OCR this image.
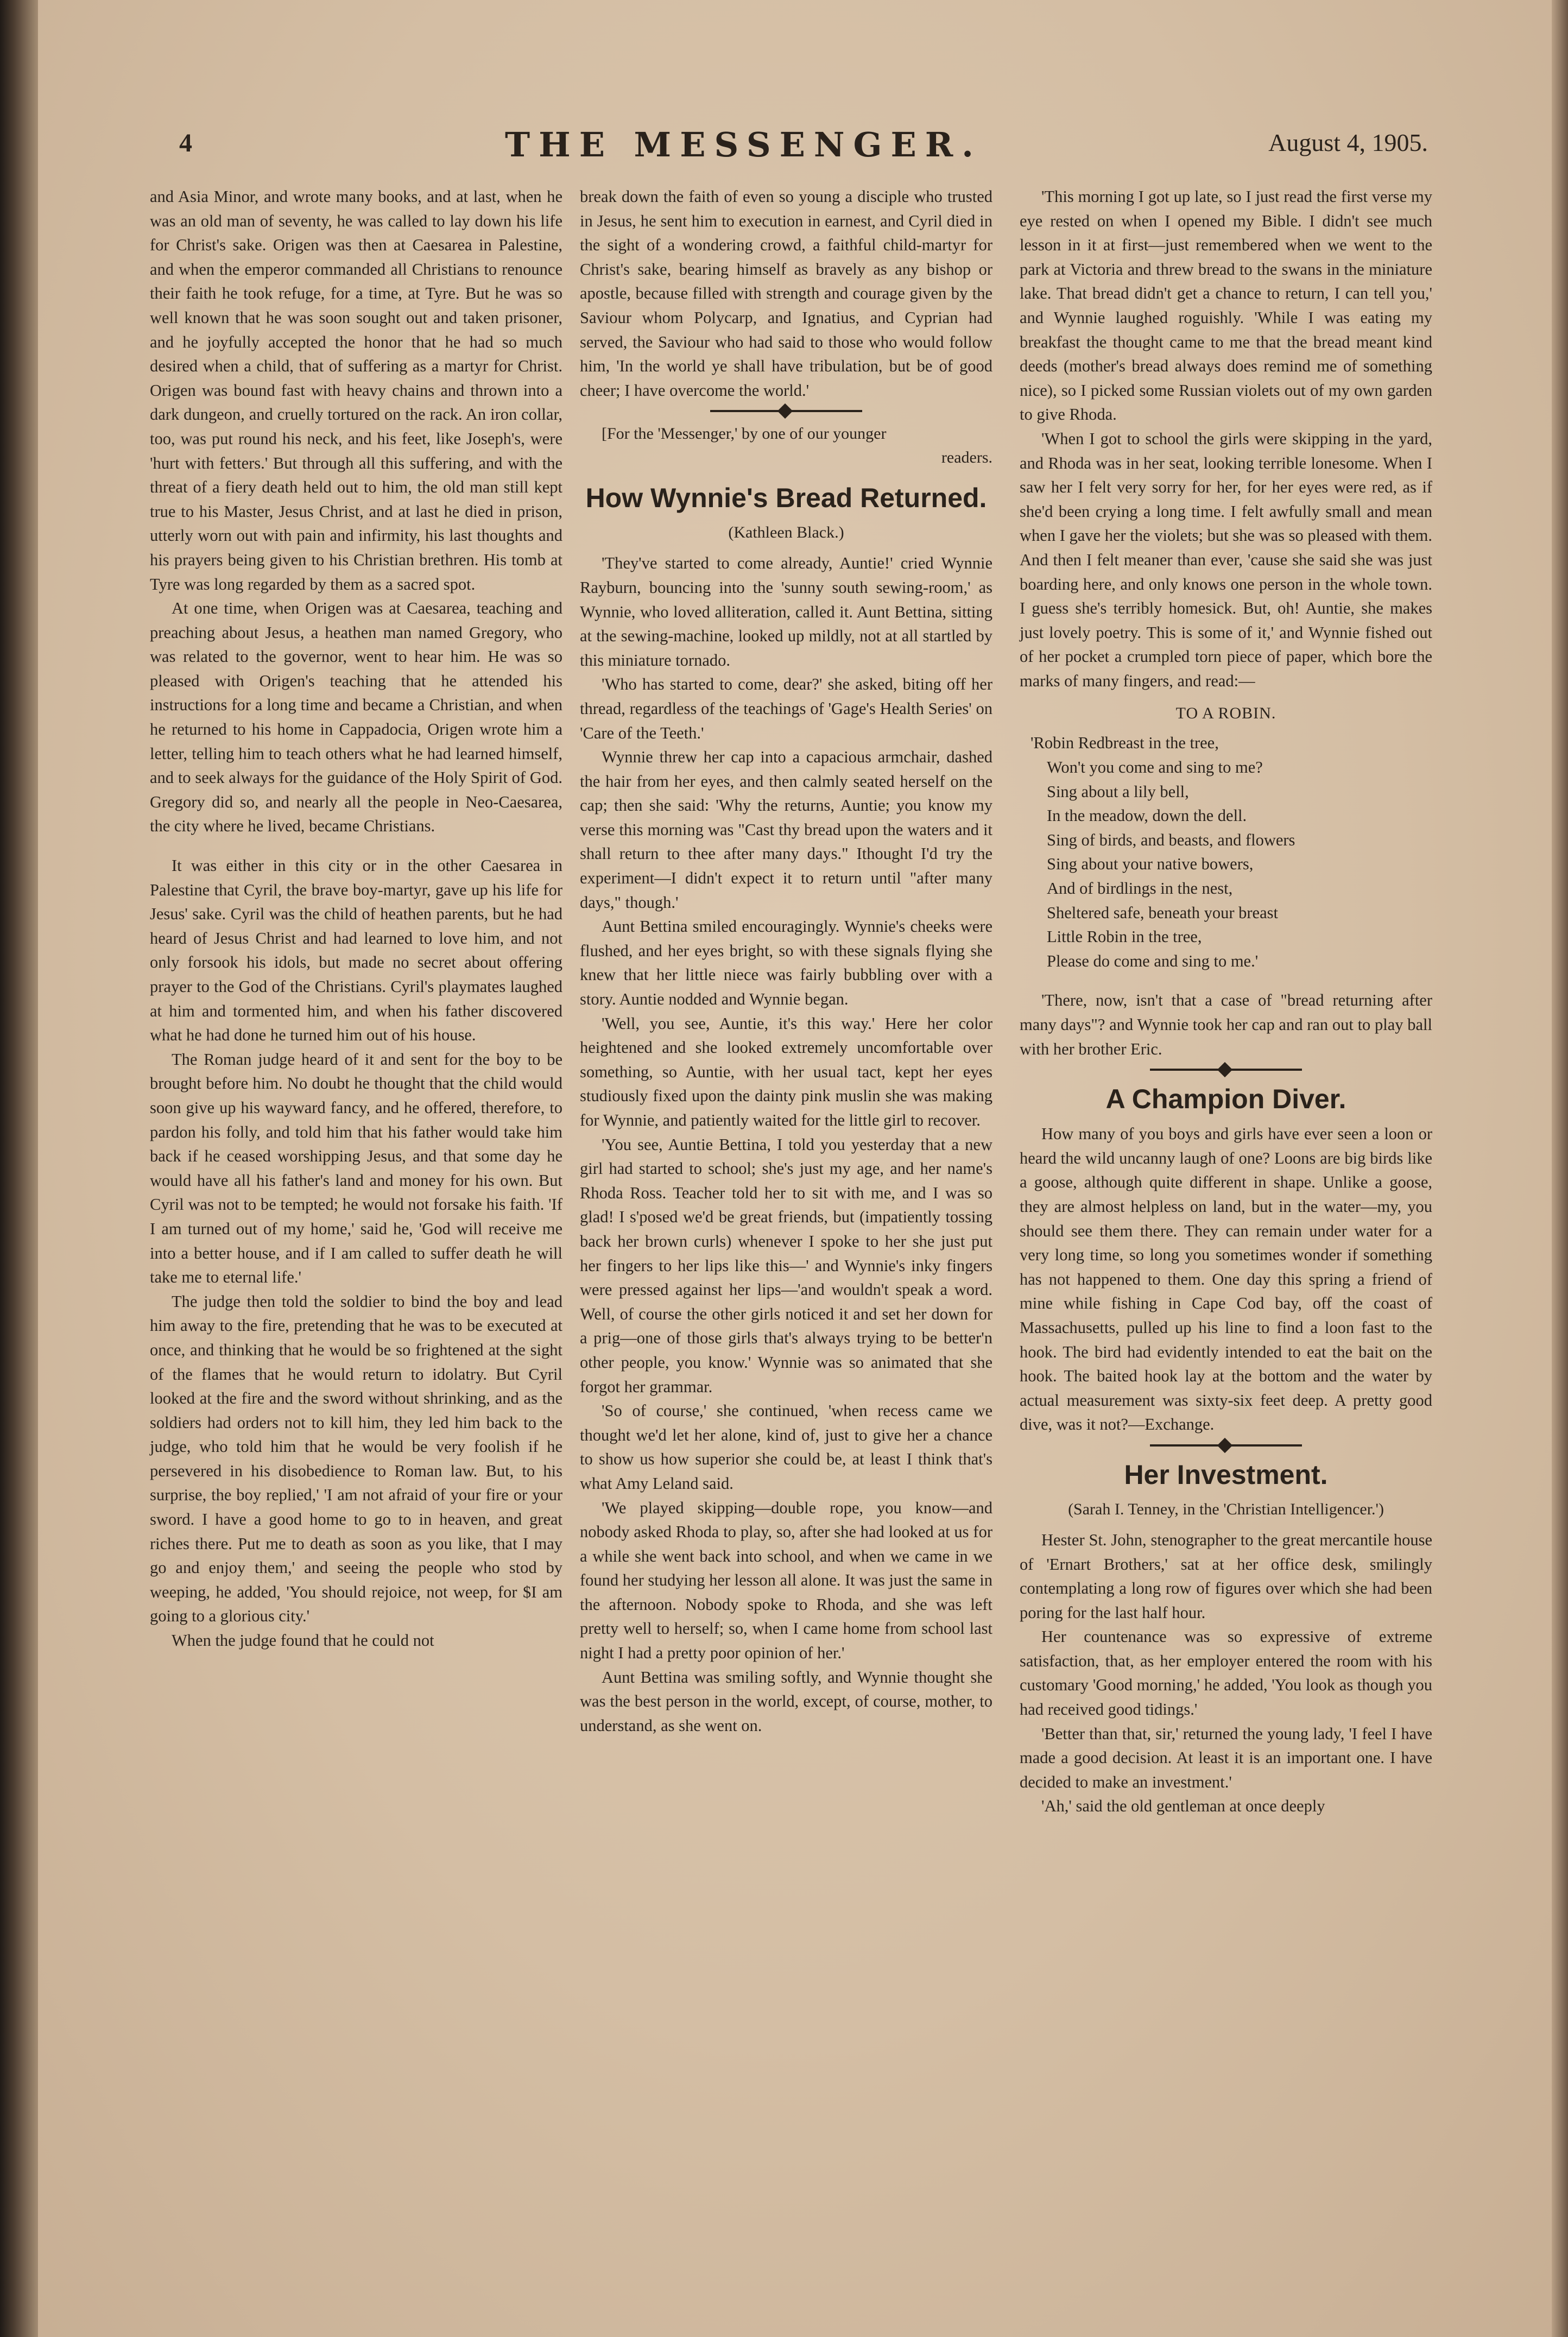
4	THE MESSENGER.	August 4, 1905.

and Asia Minor, and wrote many books, and at last, when he was an old man of seventy, he was called to lay down his life for Christ's sake. Origen was then at Caesarea in Palestine, and when the emperor commanded all Christians to renounce their faith he took refuge, for a time, at Tyre. But he was so well known that he was soon sought out and taken prisoner, and he joyfully accepted the honor that he had so much desired when a child, that of suffering as a martyr for Christ. Origen was bound fast with heavy chains and thrown into a dark dungeon, and cruelly tortured on the rack. An iron collar, too, was put round his neck, and his feet, like Joseph's, were 'hurt with fetters.' But through all this suffering, and with the threat of a fiery death held out to him, the old man still kept true to his Master, Jesus Christ, and at last he died in prison, utterly worn out with pain and infirmity, his last thoughts and his prayers being given to his Christian brethren. His tomb at Tyre was long regarded by them as a sacred spot.

At one time, when Origen was at Caesarea, teaching and preaching about Jesus, a heathen man named Gregory, who was related to the governor, went to hear him. He was so pleased with Origen's teaching that he attended his instructions for a long time and became a Christian, and when he returned to his home in Cappadocia, Origen wrote him a letter, telling him to teach others what he had learned himself, and to seek always for the guidance of the Holy Spirit of God. Gregory did so, and nearly all the people in Neo-Caesarea, the city where he lived, became Christians.

It was either in this city or in the other Caesarea in Palestine that Cyril, the brave boy-martyr, gave up his life for Jesus' sake. Cyril was the child of heathen parents, but he had heard of Jesus Christ and had learned to love him, and not only forsook his idols, but made no secret about offering prayer to the God of the Christians. Cyril's playmates laughed at him and tormented him, and when his father discovered what he had done he turned him out of his house.

The Roman judge heard of it and sent for the boy to be brought before him. No doubt he thought that the child would soon give up his wayward fancy, and he offered, therefore, to pardon his folly, and told him that his father would take him back if he ceased worshipping Jesus, and that some day he would have all his father's land and money for his own. But Cyril was not to be tempted; he would not forsake his faith. 'If I am turned out of my home,' said he, 'God will receive me into a better house, and if I am called to suffer death he will take me to eternal life.'

The judge then told the soldier to bind the boy and lead him away to the fire, pretending that he was to be executed at once, and thinking that he would be so frightened at the sight of the flames that he would return to idolatry. But Cyril looked at the fire and the sword without shrinking, and as the soldiers had orders not to kill him, they led him back to the judge, who told him that he would be very foolish if he persevered in his disobedience to Roman law. But, to his surprise, the boy replied,' 'I am not afraid of your fire or your sword. I have a good home to go to in heaven, and great riches there. Put me to death as soon as you like, that I may go and enjoy them,' and seeing the people who stod by weeping, he added, 'You should rejoice, not weep, for $I am going to a glorious city.'

When the judge found that he could not

break down the faith of even so young a disciple who trusted in Jesus, he sent him to execution in earnest, and Cyril died in the sight of a wondering crowd, a faithful child-martyr for Christ's sake, bearing himself as bravely as any bishop or apostle, because filled with strength and courage given by the Saviour whom Polycarp, and Ignatius, and Cyprian had served, the Saviour who had said to those who would follow him, 'In the world ye shall have tribulation, but be of good cheer; I have overcome the world.'

[For the 'Messenger,' by one of our younger
readers.
How Wynnie's Bread Returned.
(Kathleen Black.)

'They've started to come already, Auntie!' cried Wynnie Rayburn, bouncing into the 'sunny south sewing-room,' as Wynnie, who loved alliteration, called it. Aunt Bettina, sitting at the sewing-machine, looked up mildly, not at all startled by this miniature tornado.

'Who has started to come, dear?' she asked, biting off her thread, regardless of the teachings of 'Gage's Health Series' on 'Care of the Teeth.'

Wynnie threw her cap into a capacious armchair, dashed the hair from her eyes, and then calmly seated herself on the cap; then she said: 'Why the returns, Auntie; you know my verse this morning was "Cast thy bread upon the waters and it shall return to thee after many days." Ithought I'd try the experiment—I didn't expect it to return until "after many days," though.'

Aunt Bettina smiled encouragingly. Wynnie's cheeks were flushed, and her eyes bright, so with these signals flying she knew that her little niece was fairly bubbling over with a story. Auntie nodded and Wynnie began.

'Well, you see, Auntie, it's this way.' Here her color heightened and she looked extremely uncomfortable over something, so Auntie, with her usual tact, kept her eyes studiously fixed upon the dainty pink muslin she was making for Wynnie, and patiently waited for the little girl to recover.

'You see, Auntie Bettina, I told you yesterday that a new girl had started to school; she's just my age, and her name's Rhoda Ross. Teacher told her to sit with me, and I was so glad! I s'posed we'd be great friends, but (impatiently tossing back her brown curls) whenever I spoke to her she just put her fingers to her lips like this—' and Wynnie's inky fingers were pressed against her lips—'and wouldn't speak a word. Well, of course the other girls noticed it and set her down for a prig—one of those girls that's always trying to be better'n other people, you know.' Wynnie was so animated that she forgot her grammar.

'So of course,' she continued, 'when recess came we thought we'd let her alone, kind of, just to give her a chance to show us how superior she could be, at least I think that's what Amy Leland said.

'We played skipping—double rope, you know—and nobody asked Rhoda to play, so, after she had looked at us for a while she went back into school, and when we came in we found her studying her lesson all alone. It was just the same in the afternoon. Nobody spoke to Rhoda, and she was left pretty well to herself; so, when I came home from school last night I had a pretty poor opinion of her.'

Aunt Bettina was smiling softly, and Wynnie thought she was the best person in the world, except, of course, mother, to understand, as she went on.

'This morning I got up late, so I just read the first verse my eye rested on when I opened my Bible. I didn't see much lesson in it at first—just remembered when we went to the park at Victoria and threw bread to the swans in the miniature lake. That bread didn't get a chance to return, I can tell you,' and Wynnie laughed roguishly. 'While I was eating my breakfast the thought came to me that the bread meant kind deeds (mother's bread always does remind me of something nice), so I picked some Russian violets out of my own garden to give Rhoda.

'When I got to school the girls were skipping in the yard, and Rhoda was in her seat, looking terrible lonesome. When I saw her I felt very sorry for her, for her eyes were red, as if she'd been crying a long time. I felt awfully small and mean when I gave her the violets; but she was so pleased with them. And then I felt meaner than ever, 'cause she said she was just boarding here, and only knows one person in the whole town. I guess she's terribly homesick. But, oh! Auntie, she makes just lovely poetry. This is some of it,' and Wynnie fished out of her pocket a crumpled torn piece of paper, which bore the marks of many fingers, and read:—

TO A ROBIN.
'Robin Redbreast in the tree,
Won't you come and sing to me?
Sing about a lily bell,
In the meadow, down the dell.
Sing of birds, and beasts, and flowers
Sing about your native bowers,
And of birdlings in the nest,
Sheltered safe, beneath your breast
Little Robin in the tree,
Please do come and sing to me.'

'There, now, isn't that a case of "bread returning after many days"? and Wynnie took her cap and ran out to play ball with her brother Eric.

A Champion Diver.

How many of you boys and girls have ever seen a loon or heard the wild uncanny laugh of one? Loons are big birds like a goose, although quite different in shape. Unlike a goose, they are almost helpless on land, but in the water—my, you should see them there. They can remain under water for a very long time, so long you sometimes wonder if something has not happened to them. One day this spring a friend of mine while fishing in Cape Cod bay, off the coast of Massachusetts, pulled up his line to find a loon fast to the hook. The bird had evidently intended to eat the bait on the hook. The baited hook lay at the bottom and the water by actual measurement was sixty-six feet deep. A pretty good dive, was it not?—Exchange.

Her Investment.
(Sarah I. Tenney, in the 'Christian Intelligencer.')

Hester St. John, stenographer to the great mercantile house of 'Ernart Brothers,' sat at her office desk, smilingly contemplating a long row of figures over which she had been poring for the last half hour.

Her countenance was so expressive of extreme satisfaction, that, as her employer entered the room with his customary 'Good morning,' he added, 'You look as though you had received good tidings.'

'Better than that, sir,' returned the young lady, 'I feel I have made a good decision. At least it is an important one. I have decided to make an investment.'

'Ah,' said the old gentleman at once deeply
